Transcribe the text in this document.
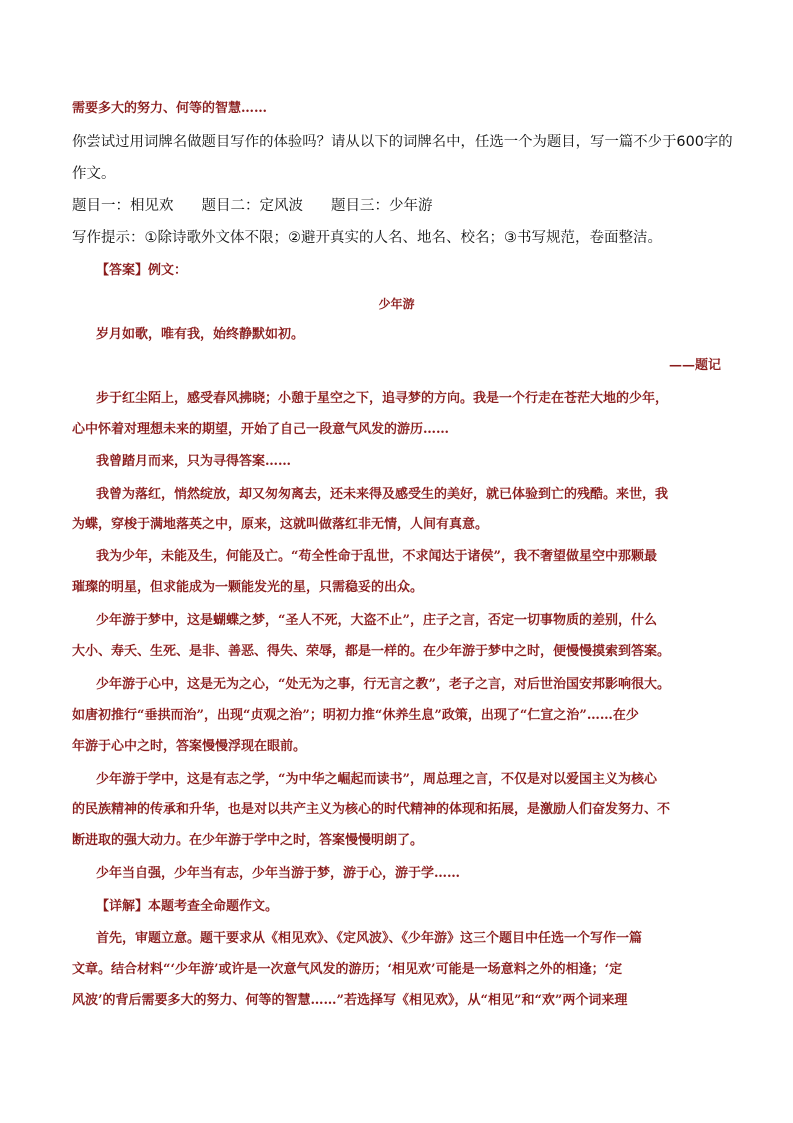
需要多大的努力、何等的智慧……
你尝试过用词牌名做题目写作的体验吗？请从以下的词牌名中，任选一个为题目，写一篇不少于600字的
作文。
题目一：相见欢 题目二：定风波 题目三：少年游
写作提示：①除诗歌外文体不限；②避开真实的人名、地名、校名；③书写规范，卷面整洁。
【答案】例文：
少年游
岁月如歌，唯有我，始终静默如初。
——题记
步于红尘陌上，感受春风拂晓；小憩于星空之下，追寻梦的方向。我是一个行走在苍茫大地的少年，
心中怀着对理想未来的期望，开始了自己一段意气风发的游历……
我曾踏月而来，只为寻得答案……
我曾为落红，悄然绽放，却又匆匆离去，还未来得及感受生的美好，就已体验到亡的残酷。来世，我
为蝶，穿梭于满地落英之中，原来，这就叫做落红非无情，人间有真意。
我为少年，未能及生，何能及亡。“苟全性命于乱世，不求闻达于诸侯”，我不奢望做星空中那颗最
璀璨的明星，但求能成为一颗能发光的星，只需稳妥的出众。
少年游于梦中，这是蝴蝶之梦，“圣人不死，大盗不止”，庄子之言，否定一切事物质的差别，什么
大小、寿夭、生死、是非、善恶、得失、荣辱，都是一样的。在少年游于梦中之时，便慢慢摸索到答案。
少年游于心中，这是无为之心，“处无为之事，行无言之教”，老子之言，对后世治国安邦影响很大。
如唐初推行“垂拱而治”，出现“贞观之治”；明初力推“休养生息”政策，出现了“仁宣之治”……在少
年游于心中之时，答案慢慢浮现在眼前。
少年游于学中，这是有志之学，“为中华之崛起而读书”，周总理之言，不仅是对以爱国主义为核心
的民族精神的传承和升华，也是对以共产主义为核心的时代精神的体现和拓展，是激励人们奋发努力、不
断进取的强大动力。在少年游于学中之时，答案慢慢明朗了。
少年当自强，少年当有志，少年当游于梦，游于心，游于学……
【详解】本题考查全命题作文。
首先，审题立意。题干要求从《相见欢》、《定风波》、《少年游》这三个题目中任选一个写作一篇
文章。结合材料“‘少年游’或许是一次意气风发的游历；‘相见欢’可能是一场意料之外的相逢；‘定
风波’的背后需要多大的努力、何等的智慧……”若选择写《相见欢》，从“相见”和“欢”两个词来理
